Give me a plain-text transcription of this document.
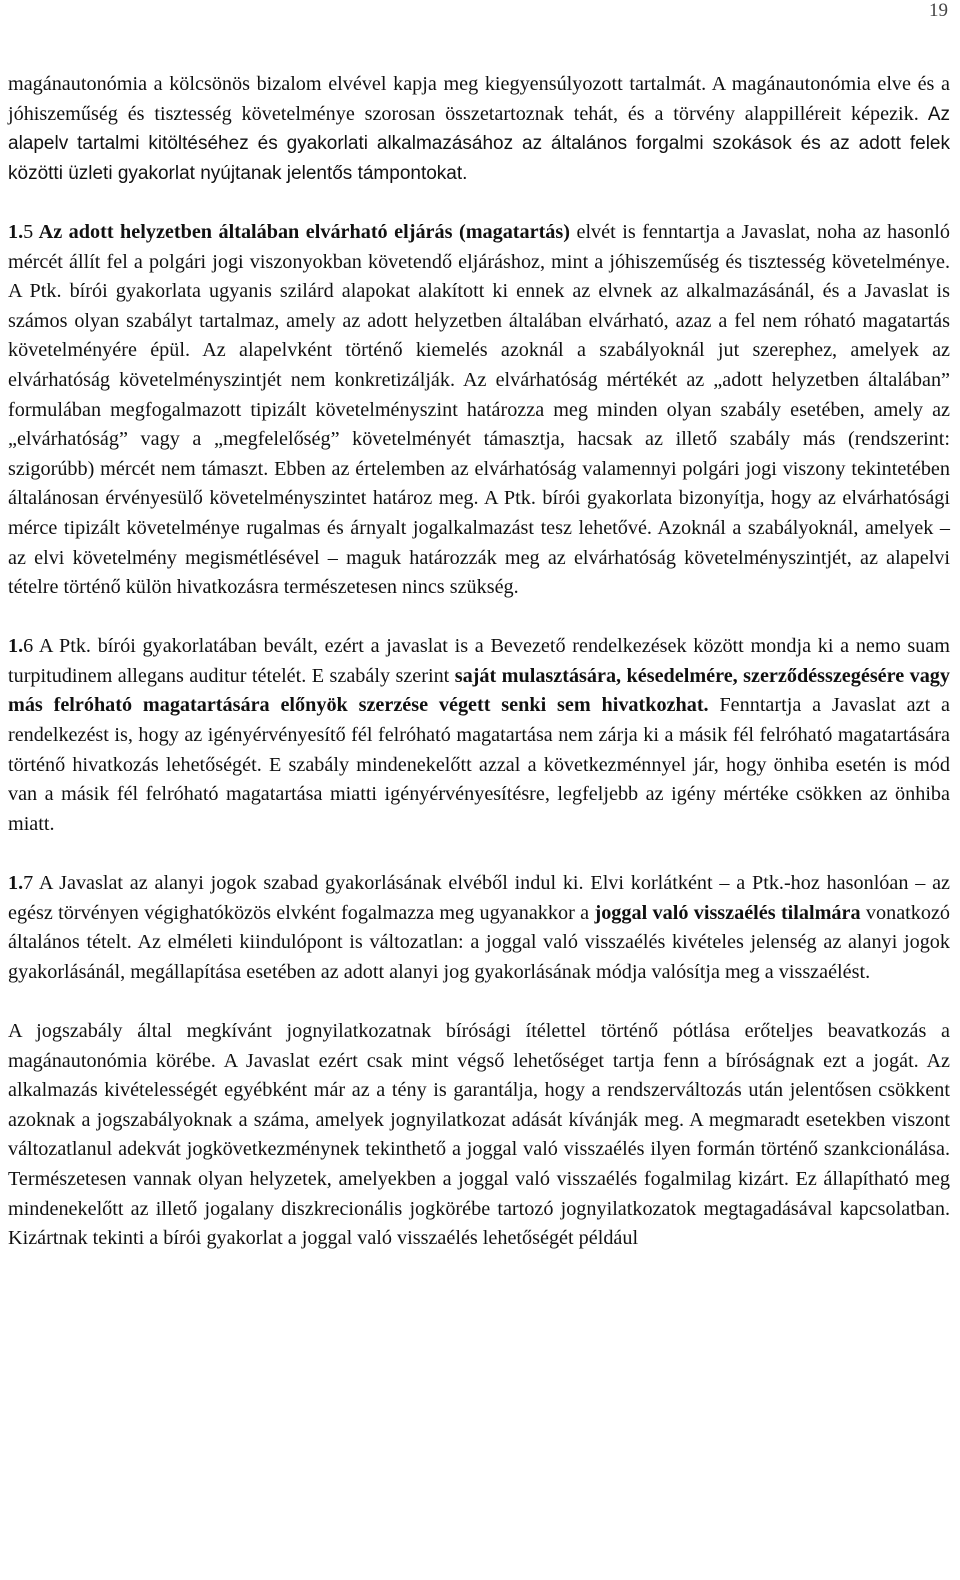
19

magánautonómia a kölcsönös bizalom elvével kapja meg kiegyensúlyozott tartalmát. A magánautonómia elve és a jóhiszeműség és tisztesség követelménye szorosan összetartoznak tehát, és a törvény alappilléreit képezik. Az alapelv tartalmi kitöltéséhez és gyakorlati alkalmazásához az általános forgalmi szokások és az adott felek közötti üzleti gyakorlat nyújtanak jelentős támpontokat.

1.5 Az adott helyzetben általában elvárható eljárás (magatartás) elvét is fenntartja a Javaslat, noha az hasonló mércét állít fel a polgári jogi viszonyokban követendő eljáráshoz, mint a jóhiszeműség és tisztesség követelménye. A Ptk. bírói gyakorlata ugyanis szilárd alapokat alakított ki ennek az elvnek az alkalmazásánál, és a Javaslat is számos olyan szabályt tartalmaz, amely az adott helyzetben általában elvárható, azaz a fel nem róható magatartás követelményére épül. Az alapelvként történő kiemelés azoknál a szabályoknál jut szerephez, amelyek az elvárhatóság követelményszintjét nem konkretizálják. Az elvárhatóság mértékét az „adott helyzetben általában” formulában megfogalmazott tipizált követelményszint határozza meg minden olyan szabály esetében, amely az „elvárhatóság” vagy a „megfelelőség” követelményét támasztja, hacsak az illető szabály más (rendszerint: szigorúbb) mércét nem támaszt. Ebben az értelemben az elvárhatóság valamennyi polgári jogi viszony tekintetében általánosan érvényesülő követelményszintet határoz meg. A Ptk. bírói gyakorlata bizonyítja, hogy az elvárhatósági mérce tipizált követelménye rugalmas és árnyalt jogalkalmazást tesz lehetővé. Azoknál a szabályoknál, amelyek – az elvi követelmény megismétlésével – maguk határozzák meg az elvárhatóság követelményszintjét, az alapelvi tételre történő külön hivatkozásra természetesen nincs szükség.

1.6 A Ptk. bírói gyakorlatában bevált, ezért a javaslat is a Bevezető rendelkezések között mondja ki a nemo suam turpitudinem allegans auditur tételét. E szabály szerint saját mulasztására, késedelmére, szerződésszegésére vagy más felróható magatartására előnyök szerzése végett senki sem hivatkozhat. Fenntartja a Javaslat azt a rendelkezést is, hogy az igényérvényesítő fél felróható magatartása nem zárja ki a másik fél felróható magatartására történő hivatkozás lehetőségét. E szabály mindenekelőtt azzal a következménnyel jár, hogy önhiba esetén is mód van a másik fél felróható magatartása miatti igényérvényesítésre, legfeljebb az igény mértéke csökken az önhiba miatt.

1.7 A Javaslat az alanyi jogok szabad gyakorlásának elvéből indul ki. Elvi korlátként – a Ptk.-hoz hasonlóan – az egész törvényen végighatóközös elvként fogalmazza meg ugyanakkor a joggal való visszaélés tilalmára vonatkozó általános tételt. Az elméleti kiindulópont is változatlan: a joggal való visszaélés kivételes jelenség az alanyi jogok gyakorlásánál, megállapítása esetében az adott alanyi jog gyakorlásának módja valósítja meg a visszaélést.

A jogszabály által megkívánt jognyilatkozatnak bírósági ítélettel történő pótlása erőteljes beavatkozás a magánautonómia körébe. A Javaslat ezért csak mint végső lehetőséget tartja fenn a bíróságnak ezt a jogát. Az alkalmazás kivételességét egyébként már az a tény is garantálja, hogy a rendszerváltozás után jelentősen csökkent azoknak a jogszabályoknak a száma, amelyek jognyilatkozat adását kívánják meg. A megmaradt esetekben viszont változatlanul adekvát jogkövetkezménynek tekinthető a joggal való visszaélés ilyen formán történő szankcionálása. Természetesen vannak olyan helyzetek, amelyekben a joggal való visszaélés fogalmilag kizárt. Ez állapítható meg mindenekelőtt az illető jogalany diszkrecionális jogkörébe tartozó jognyilatkozatok megtagadásával kapcsolatban. Kizártnak tekinti a bírói gyakorlat a joggal való visszaélés lehetőségét például
